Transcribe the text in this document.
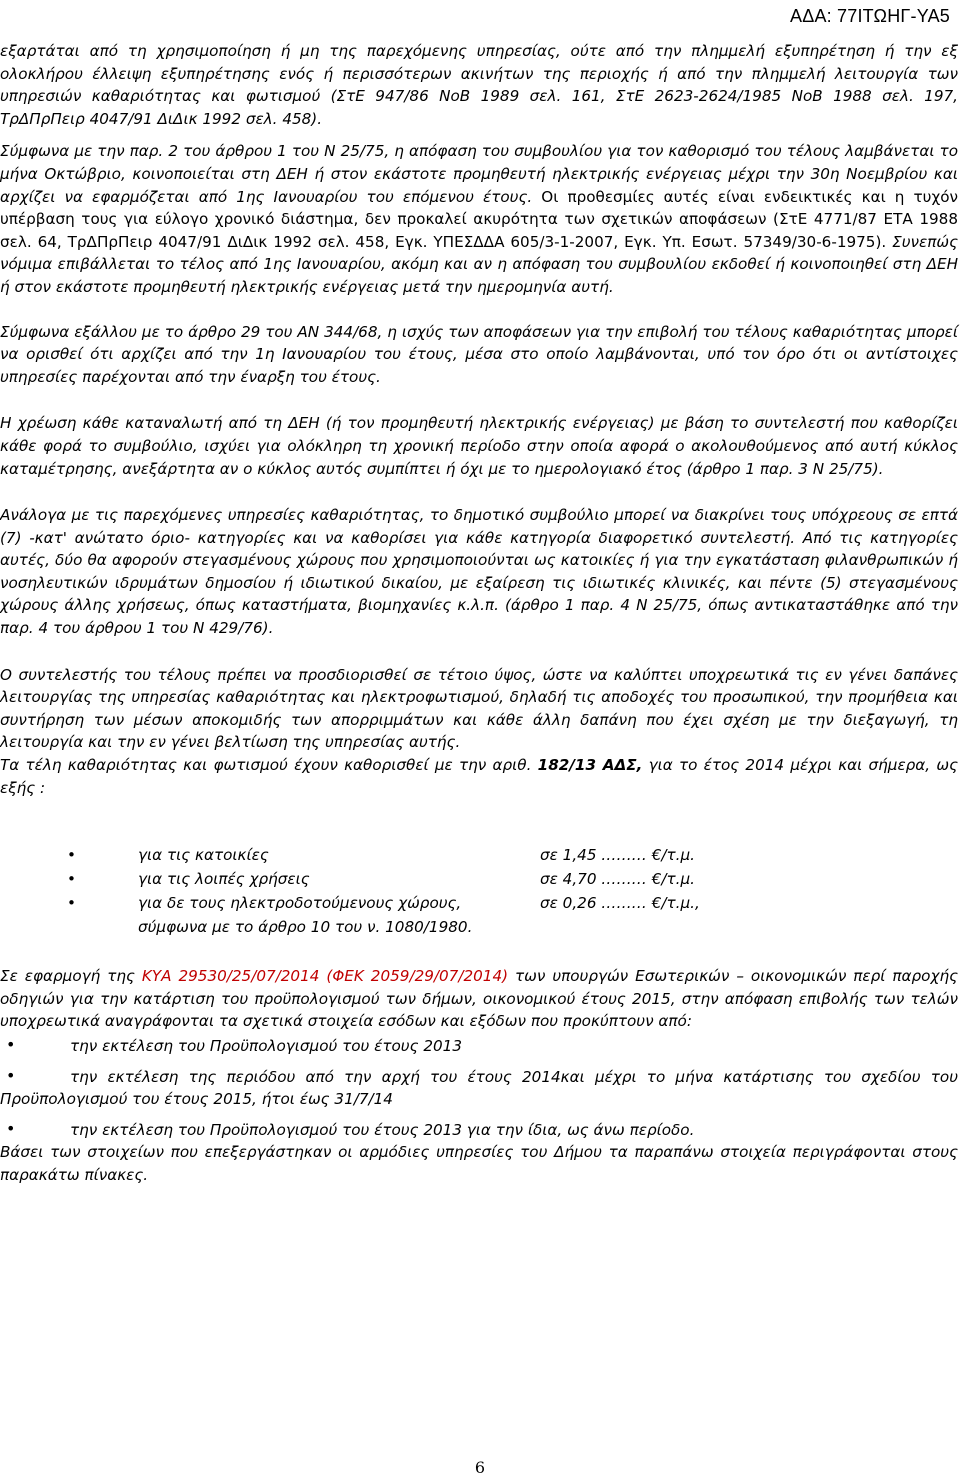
ΑΔΑ: 77ΙΤΩΗΓ-ΥΑ5

εξαρτάται από τη χρησιμοποίηση ή μη της παρεχόμενης υπηρεσίας, ούτε από την πλημμελή εξυπηρέτηση ή την εξ ολοκλήρου έλλειψη εξυπηρέτησης ενός ή περισσότερων ακινήτων της περιοχής ή από την πλημμελή λειτουργία των υπηρεσιών καθαριότητας και φωτισμού (ΣτΕ 947/86 ΝοΒ 1989 σελ. 161, ΣτΕ 2623-2624/1985 ΝοΒ 1988 σελ. 197, ΤρΔΠρΠειρ 4047/91 ΔιΔικ 1992 σελ. 458).

Σύμφωνα με την παρ. 2 του άρθρου 1 του Ν 25/75, η απόφαση του συμβουλίου για τον καθορισμό του τέλους λαμβάνεται το μήνα Οκτώβριο, κοινοποιείται στη ΔΕΗ ή στον εκάστοτε προμηθευτή ηλεκτρικής ενέργειας μέχρι την 30η Νοεμβρίου και αρχίζει να εφαρμόζεται από 1ης Ιανουαρίου του επόμενου έτους. Οι προθεσμίες αυτές είναι ενδεικτικές και η τυχόν υπέρβαση τους για εύλογο χρονικό διάστημα, δεν προκαλεί ακυρότητα των σχετικών αποφάσεων (ΣτΕ 4771/87 ΕΤΑ 1988 σελ. 64, ΤρΔΠρΠειρ 4047/91 ΔιΔικ 1992 σελ. 458, Εγκ. ΥΠΕΣΔΔΑ 605/3-1-2007, Εγκ. Υπ. Εσωτ. 57349/30-6-1975). Συνεπώς νόμιμα επιβάλλεται το τέλος από 1ης Ιανουαρίου, ακόμη και αν η απόφαση του συμβουλίου εκδοθεί ή κοινοποιηθεί στη ΔΕΗ ή στον εκάστοτε προμηθευτή ηλεκτρικής ενέργειας μετά την ημερομηνία αυτή.

Σύμφωνα εξάλλου με το άρθρο 29 του ΑΝ 344/68, η ισχύς των αποφάσεων για την επιβολή του τέλους καθαριότητας μπορεί να ορισθεί ότι αρχίζει από την 1η Ιανουαρίου του έτους, μέσα στο οποίο λαμβάνονται, υπό τον όρο ότι οι αντίστοιχες υπηρεσίες παρέχονται από την έναρξη του έτους.

Η χρέωση κάθε καταναλωτή από τη ΔΕΗ (ή τον προμηθευτή ηλεκτρικής ενέργειας) με βάση το συντελεστή που καθορίζει κάθε φορά το συμβούλιο, ισχύει για ολόκληρη τη χρονική περίοδο στην οποία αφορά ο ακολουθούμενος από αυτή κύκλος καταμέτρησης, ανεξάρτητα αν ο κύκλος αυτός συμπίπτει ή όχι με το ημερολογιακό έτος (άρθρο 1 παρ. 3 Ν 25/75).

Ανάλογα με τις παρεχόμενες υπηρεσίες καθαριότητας, το δημοτικό συμβούλιο μπορεί να διακρίνει τους υπόχρεους σε επτά (7) -κατ' ανώτατο όριο- κατηγορίες και να καθορίσει για κάθε κατηγορία διαφορετικό συντελεστή. Από τις κατηγορίες αυτές, δύο θα αφορούν στεγασμένους χώρους που χρησιμοποιούνται ως κατοικίες ή για την εγκατάσταση φιλανθρωπικών ή νοσηλευτικών ιδρυμάτων δημοσίου ή ιδιωτικού δικαίου, με εξαίρεση τις ιδιωτικές κλινικές, και πέντε (5) στεγασμένους χώρους άλλης χρήσεως, όπως καταστήματα, βιομηχανίες κ.λ.π. (άρθρο 1 παρ. 4 Ν 25/75, όπως αντικαταστάθηκε από την παρ. 4 του άρθρου 1 του Ν 429/76).

Ο συντελεστής του τέλους πρέπει να προσδιορισθεί σε τέτοιο ύψος, ώστε να καλύπτει υποχρεωτικά τις εν γένει δαπάνες λειτουργίας της υπηρεσίας καθαριότητας και ηλεκτροφωτισμού, δηλαδή τις αποδοχές του προσωπικού, την προμήθεια και συντήρηση των μέσων αποκομιδής των απορριμμάτων και κάθε άλλη δαπάνη που έχει σχέση με την διεξαγωγή, τη λειτουργία και την εν γένει βελτίωση της υπηρεσίας αυτής.

Τα τέλη καθαριότητας και φωτισμού έχουν καθορισθεί με την αριθ. 182/13 ΑΔΣ, για το έτος 2014 μέχρι και σήμερα, ως εξής :

•	για τις κατοικίες	σε 1,45 ……… €/τ.μ.
•	για τις λοιπές χρήσεις	σε 4,70 ……… €/τ.μ.
•	για δε τους ηλεκτροδοτούμενους χώρους,	σε 0,26 ……… €/τ.μ.,
σύμφωνα με το άρθρο 10 του ν. 1080/1980.

Σε εφαρμογή της ΚΥΑ 29530/25/07/2014 (ΦΕΚ 2059/29/07/2014) των υπουργών Εσωτερικών – οικονομικών περί παροχής οδηγιών για την κατάρτιση του προϋπολογισμού των δήμων, οικονομικού έτους 2015, στην απόφαση επιβολής των τελών υποχρεωτικά αναγράφονται τα σχετικά στοιχεία εσόδων και εξόδων που προκύπτουν από:

•	την εκτέλεση του Προϋπολογισμού του έτους 2013

•	την εκτέλεση της περιόδου από την αρχή του έτους 2014και μέχρι το μήνα κατάρτισης του σχεδίου του Προϋπολογισμού του έτους 2015, ήτοι έως 31/7/14

•	την εκτέλεση του Προϋπολογισμού του έτους 2013 για την ίδια, ως άνω περίοδο.

Βάσει των στοιχείων που επεξεργάστηκαν οι αρμόδιες υπηρεσίες του Δήμου τα παραπάνω στοιχεία περιγράφονται στους παρακάτω πίνακες.

6
